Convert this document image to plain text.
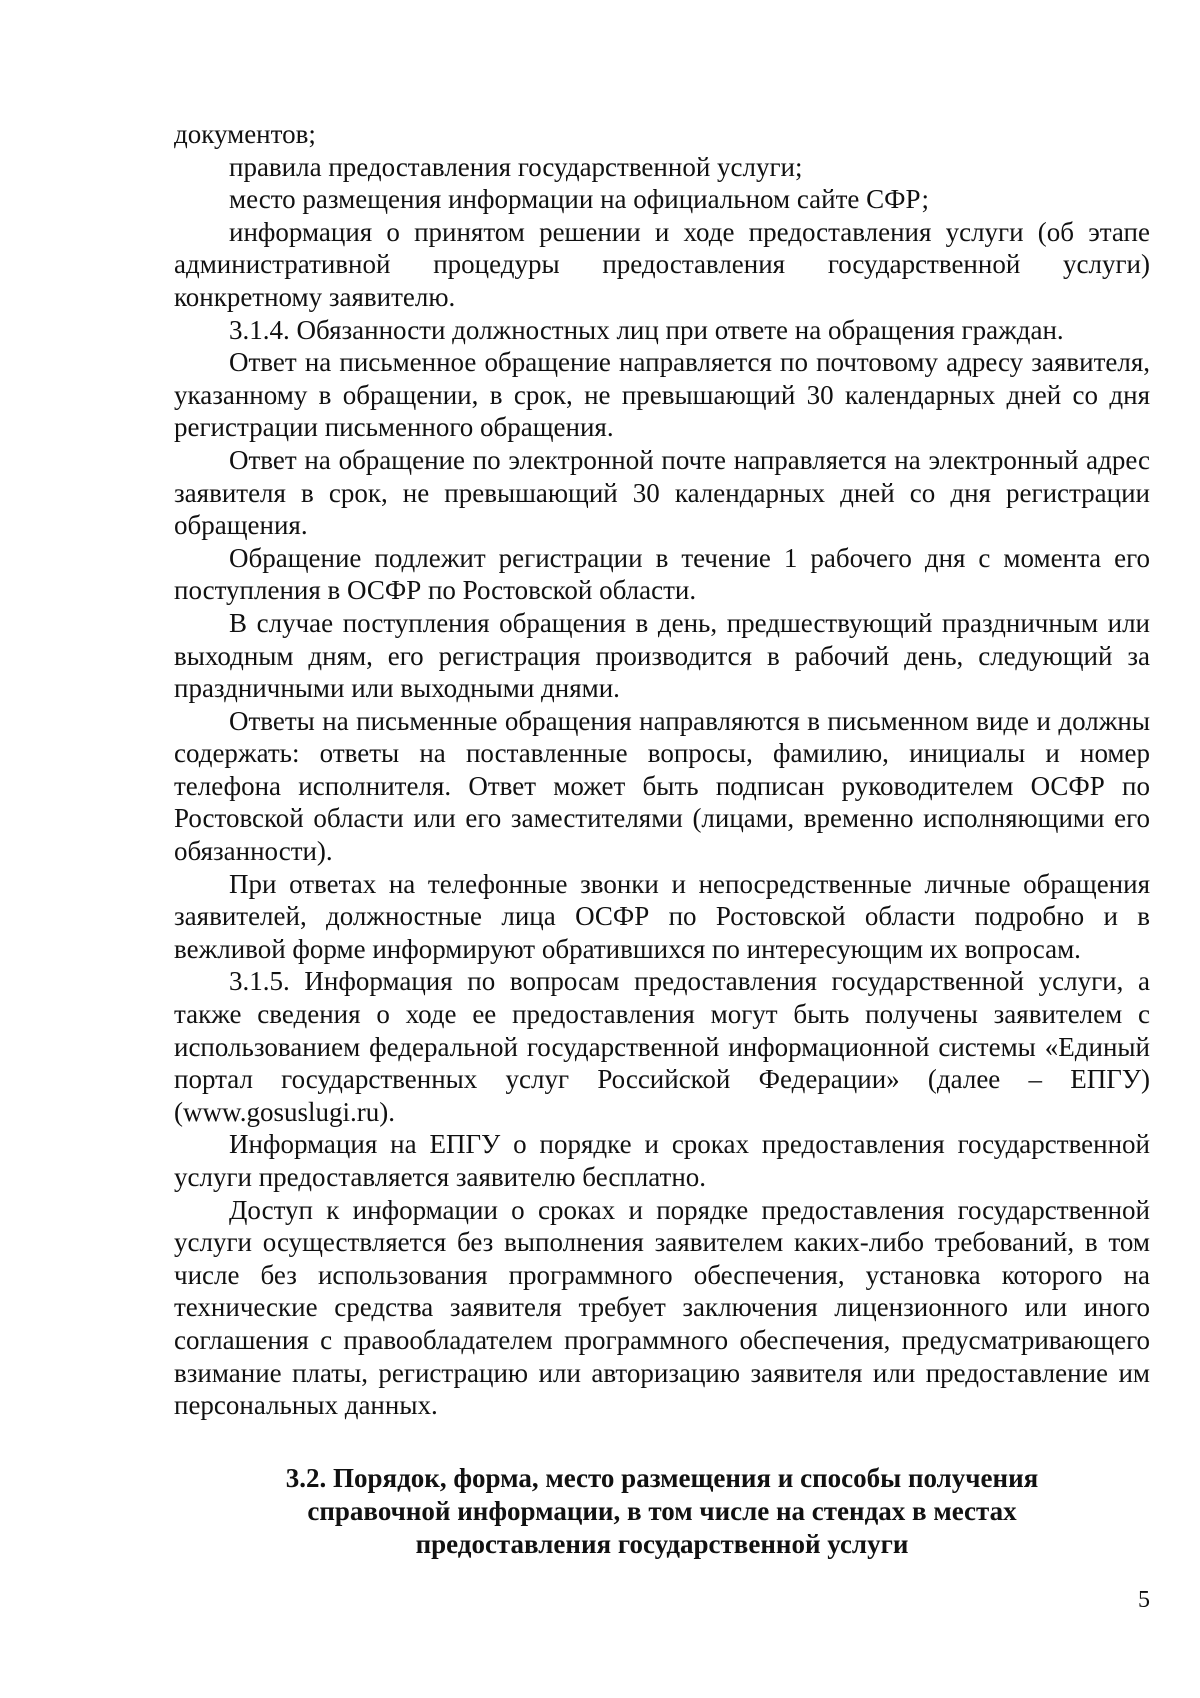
документов;

правила предоставления государственной услуги;

место размещения информации на официальном сайте СФР;

информация о принятом решении и ходе предоставления услуги (об этапе административной процедуры предоставления государственной услуги) конкретному заявителю.

3.1.4. Обязанности должностных лиц при ответе на обращения граждан.

Ответ на письменное обращение направляется по почтовому адресу заявителя, указанному в обращении, в срок, не превышающий 30 календарных дней со дня регистрации письменного обращения.

Ответ на обращение по электронной почте направляется на электронный адрес заявителя в срок, не превышающий 30 календарных дней со дня регистрации обращения.

Обращение подлежит регистрации в течение 1 рабочего дня с момента его поступления в ОСФР по Ростовской области.

В случае поступления обращения в день, предшествующий праздничным или выходным дням, его регистрация производится в рабочий день, следующий за праздничными или выходными днями.

Ответы на письменные обращения направляются в письменном виде и должны содержать: ответы на поставленные вопросы, фамилию, инициалы и номер телефона исполнителя. Ответ может быть подписан руководителем ОСФР по Ростовской области или его заместителями (лицами, временно исполняющими его обязанности).

При ответах на телефонные звонки и непосредственные личные обращения заявителей, должностные лица ОСФР по Ростовской области подробно и в вежливой форме информируют обратившихся по интересующим их вопросам.

3.1.5. Информация по вопросам предоставления государственной услуги, а также сведения о ходе ее предоставления могут быть получены заявителем с использованием федеральной государственной информационной системы «Единый портал государственных услуг Российской Федерации» (далее – ЕПГУ) (www.gosuslugi.ru).

Информация на ЕПГУ о порядке и сроках предоставления государственной услуги предоставляется заявителю бесплатно.

Доступ к информации о сроках и порядке предоставления государственной услуги осуществляется без выполнения заявителем каких-либо требований, в том числе без использования программного обеспечения, установка которого на технические средства заявителя требует заключения лицензионного или иного соглашения с правообладателем программного обеспечения, предусматривающего взимание платы, регистрацию или авторизацию заявителя или предоставление им персональных данных.

3.2. Порядок, форма, место размещения и способы получения справочной информации, в том числе на стендах в местах предоставления государственной услуги
5
